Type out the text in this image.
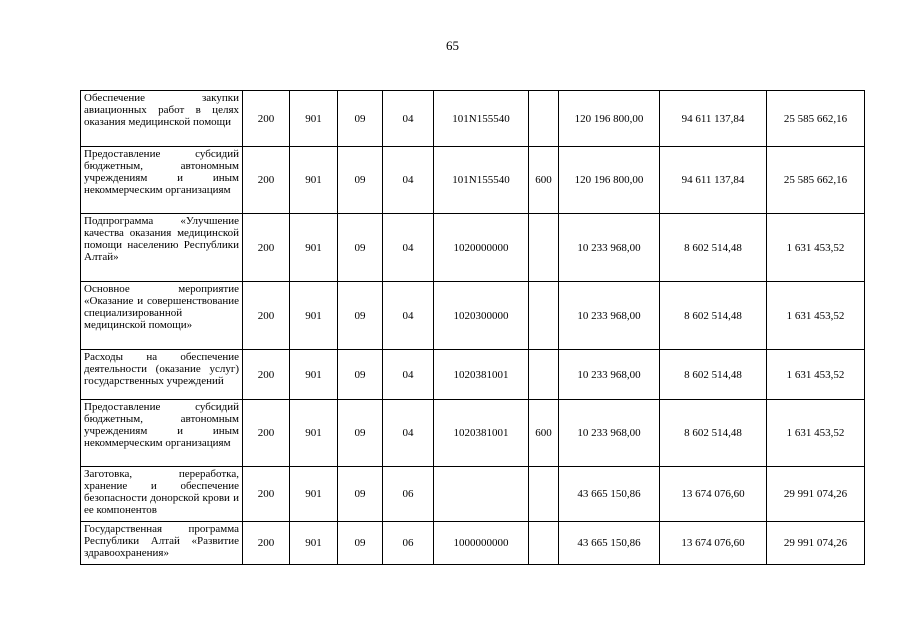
65
Обеспечение закупки авиационных работ в целях оказания медицинской помощи	200	901	09	04	101N155540		120 196 800,00	94 611 137,84	25 585 662,16
Предоставление субсидий бюджетным, автономным учреждениям и иным некоммерческим организациям	200	901	09	04	101N155540	600	120 196 800,00	94 611 137,84	25 585 662,16
Подпрограмма «Улучшение качества оказания медицинской помощи населению Республики Алтай»	200	901	09	04	1020000000		10 233 968,00	8 602 514,48	1 631 453,52
Основное мероприятие «Оказание и совершенствование специализированной медицинской помощи»	200	901	09	04	1020300000		10 233 968,00	8 602 514,48	1 631 453,52
Расходы на обеспечение деятельности (оказание услуг) государственных учреждений	200	901	09	04	1020381001		10 233 968,00	8 602 514,48	1 631 453,52
Предоставление субсидий бюджетным, автономным учреждениям и иным некоммерческим организациям	200	901	09	04	1020381001	600	10 233 968,00	8 602 514,48	1 631 453,52
Заготовка, переработка, хранение и обеспечение безопасности донорской крови и ее компонентов	200	901	09	06			43 665 150,86	13 674 076,60	29 991 074,26
Государственная программа Республики Алтай «Развитие здравоохранения»	200	901	09	06	1000000000		43 665 150,86	13 674 076,60	29 991 074,26
